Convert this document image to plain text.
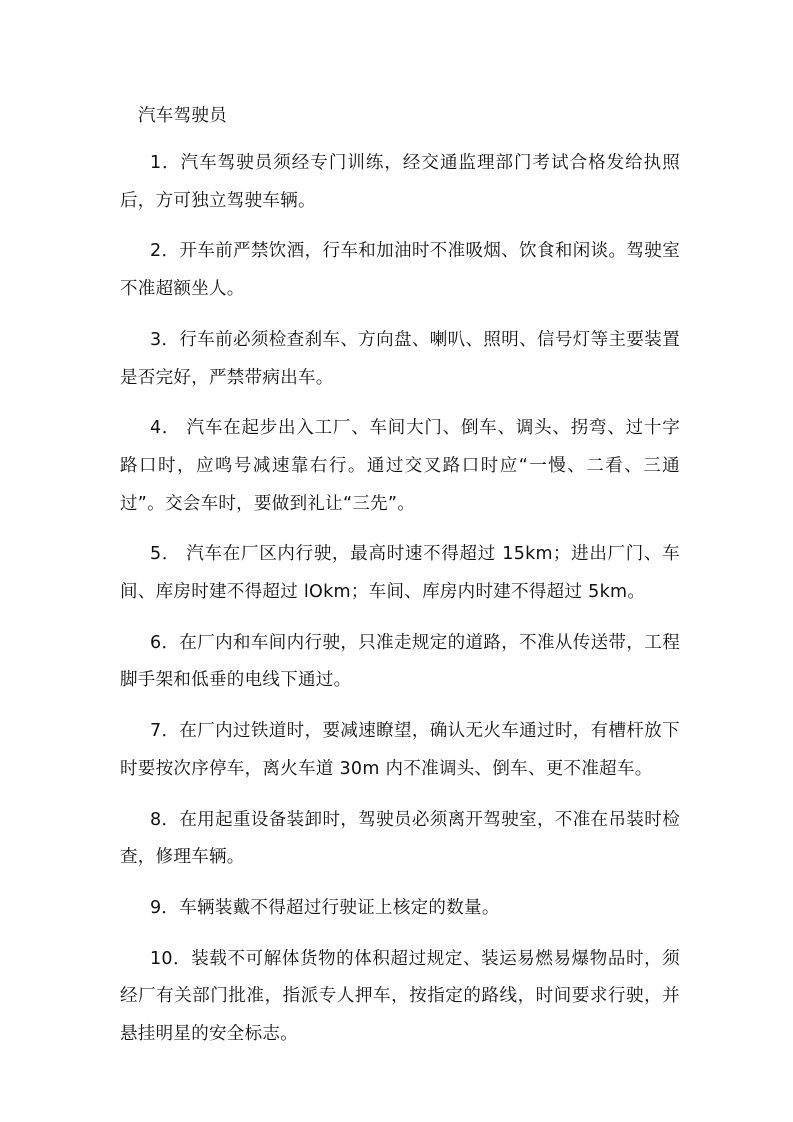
汽车驾驶员

1．汽车驾驶员须经专门训练，经交通监理部门考试合格发给执照后，方可独立驾驶车辆。

2．开车前严禁饮酒，行车和加油时不准吸烟、饮食和闲谈。驾驶室不准超额坐人。

3．行车前必须检查刹车、方向盘、喇叭、照明、信号灯等主要装置是否完好，严禁带病出车。

4． 汽车在起步出入工厂、车间大门、倒车、调头、拐弯、过十字路口时，应鸣号减速靠右行。通过交叉路口时应“一慢、二看、三通过”。交会车时，要做到礼让“三先”。

5． 汽车在厂区内行驶，最高时速不得超过 15km；进出厂门、车间、库房时建不得超过 lOkm；车间、库房内时建不得超过 5km。

6．在厂内和车间内行驶，只准走规定的道路，不准从传送带，工程脚手架和低垂的电线下通过。

7．在厂内过铁道时，要减速瞭望，确认无火车通过时，有槽杆放下时要按次序停车，离火车道 30m 内不准调头、倒车、更不准超车。

8．在用起重设备装卸时，驾驶员必须离开驾驶室，不准在吊装时检查，修理车辆。

9．车辆装戴不得超过行驶证上核定的数量。

10．装载不可解体货物的体积超过规定、装运易燃易爆物品时，须经厂有关部门批准，指派专人押车，按指定的路线，时间要求行驶，并悬挂明星的安全标志。
